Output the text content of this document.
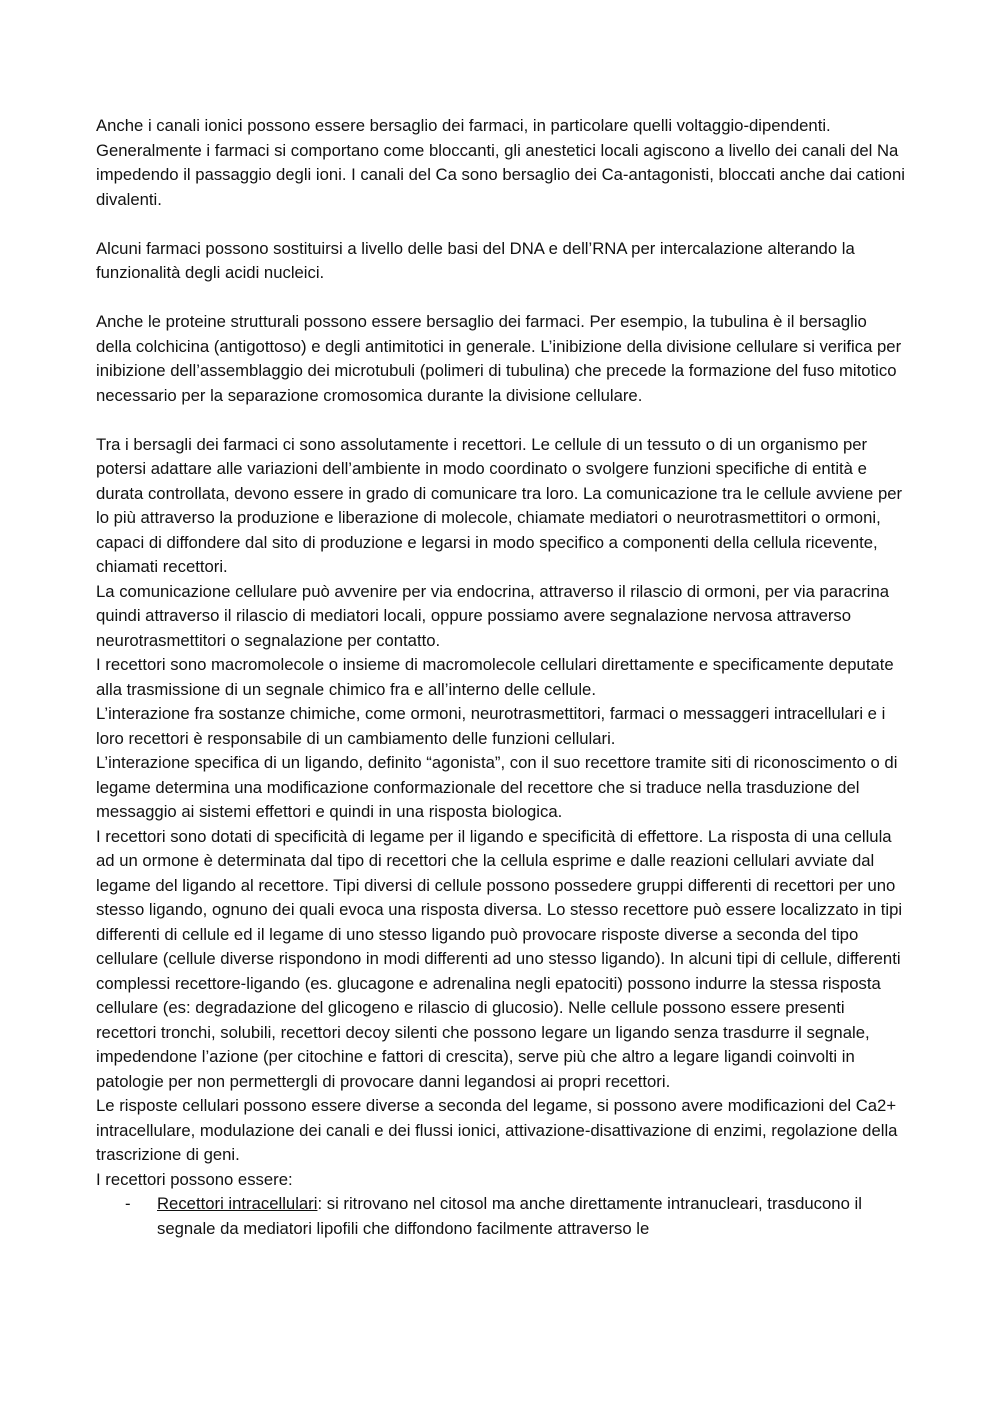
Anche i canali ionici possono essere bersaglio dei farmaci, in particolare quelli voltaggio-dipendenti. Generalmente i farmaci si comportano come bloccanti, gli anestetici locali agiscono a livello dei canali del Na impedendo il passaggio degli ioni. I canali del Ca sono bersaglio dei Ca-antagonisti, bloccati anche dai cationi divalenti.

Alcuni farmaci possono sostituirsi a livello delle basi del DNA e dell’RNA per intercalazione alterando la funzionalità degli acidi nucleici.

Anche le proteine strutturali possono essere bersaglio dei farmaci. Per esempio, la tubulina è il bersaglio della colchicina (antigottoso) e degli antimitotici in generale. L’inibizione della divisione cellulare si verifica per inibizione dell’assemblaggio dei microtubuli (polimeri di tubulina) che precede la formazione del fuso mitotico necessario per la separazione cromosomica durante la divisione cellulare.

Tra i bersagli dei farmaci ci sono assolutamente i recettori. Le cellule di un tessuto o di un organismo per potersi adattare alle variazioni dell’ambiente in modo coordinato o svolgere funzioni specifiche di entità e durata controllata, devono essere in grado di comunicare tra loro. La comunicazione tra le cellule avviene per lo più attraverso la produzione e liberazione di molecole, chiamate mediatori o neurotrasmettitori o ormoni, capaci di diffondere dal sito di produzione e legarsi in modo specifico a componenti della cellula ricevente, chiamati recettori.

La comunicazione cellulare può avvenire per via endocrina, attraverso il rilascio di ormoni, per via paracrina quindi attraverso il rilascio di mediatori locali, oppure possiamo avere segnalazione nervosa attraverso neurotrasmettitori o segnalazione per contatto.

I recettori sono macromolecole o insieme di macromolecole cellulari direttamente e specificamente deputate alla trasmissione di un segnale chimico fra e all’interno delle cellule.

L’interazione fra sostanze chimiche, come ormoni, neurotrasmettitori, farmaci o messaggeri intracellulari e i loro recettori è responsabile di un cambiamento delle funzioni cellulari.

L’interazione specifica di un ligando, definito “agonista”, con il suo recettore tramite siti di riconoscimento o di legame determina una modificazione conformazionale del recettore che si traduce nella trasduzione del messaggio ai sistemi effettori e quindi in una risposta biologica.

I recettori sono dotati di specificità di legame per il ligando e specificità di effettore. La risposta di una cellula ad un ormone è determinata dal tipo di recettori che la cellula esprime e dalle reazioni cellulari avviate dal legame del ligando al recettore. Tipi diversi di cellule possono possedere gruppi differenti di recettori per uno stesso ligando, ognuno dei quali evoca una risposta diversa. Lo stesso recettore può essere localizzato in tipi differenti di cellule ed il legame di uno stesso ligando può provocare risposte diverse a seconda del tipo cellulare (cellule diverse rispondono in modi differenti ad uno stesso ligando). In alcuni tipi di cellule, differenti complessi recettore-ligando (es. glucagone e adrenalina negli epatociti) possono indurre la stessa risposta cellulare (es: degradazione del glicogeno e rilascio di glucosio). Nelle cellule possono essere presenti recettori tronchi, solubili, recettori decoy silenti che possono legare un ligando senza trasdurre il segnale, impedendone l’azione (per citochine e fattori di crescita), serve più che altro a legare ligandi coinvolti in patologie per non permettergli di provocare danni legandosi ai propri recettori.

Le risposte cellulari possono essere diverse a seconda del legame, si possono avere modificazioni del Ca2+ intracellulare, modulazione dei canali e dei flussi ionici, attivazione-disattivazione di enzimi, regolazione della trascrizione di geni.

I recettori possono essere:

- Recettori intracellulari: si ritrovano nel citosol ma anche direttamente intranucleari, trasducono il segnale da mediatori lipofili che diffondono facilmente attraverso le
